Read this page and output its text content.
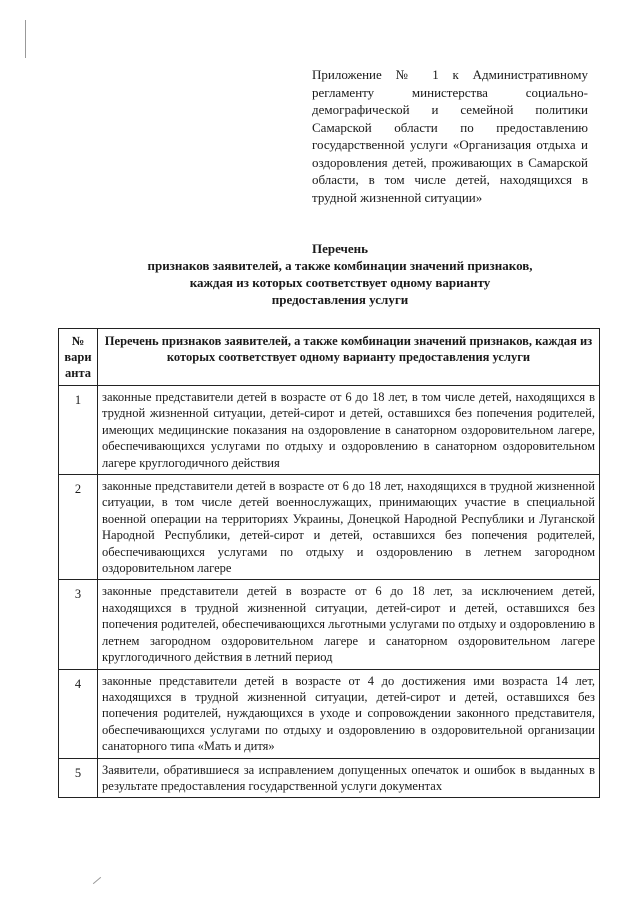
Приложение № 1 к Административному регламенту министерства социально-демографической и семейной политики Самарской области по предоставлению государственной услуги «Организация отдыха и оздоровления детей, проживающих в Самарской области, в том числе детей, находящихся в трудной жизненной ситуации»

Перечень
признаков заявителей, а также комбинации значений признаков,
каждая из которых соответствует одному варианту
предоставления услуги
№ вари анта	Перечень признаков заявителей, а также комбинации значений признаков, каждая из которых соответствует одному варианту предоставления услуги
1	законные представители детей в возрасте от 6 до 18 лет, в том числе детей, находящихся в трудной жизненной ситуации, детей-сирот и детей, оставшихся без попечения родителей, имеющих медицинские показания на оздоровление в санаторном оздоровительном лагере, обеспечивающихся услугами по отдыху и оздоровлению в санаторном оздоровительном лагере круглогодичного действия
2	законные представители детей в возрасте от 6 до 18 лет, находящихся в трудной жизненной ситуации, в том числе детей военнослужащих, принимающих участие в специальной военной операции на территориях Украины, Донецкой Народной Республики и Луганской Народной Республики, детей-сирот и детей, оставшихся без попечения родителей, обеспечивающихся услугами по отдыху и оздоровлению в летнем загородном оздоровительном лагере
3	законные представители детей в возрасте от 6 до 18 лет, за исключением детей, находящихся в трудной жизненной ситуации, детей-сирот и детей, оставшихся без попечения родителей, обеспечивающихся льготными услугами по отдыху и оздоровлению в летнем загородном оздоровительном лагере и санаторном оздоровительном лагере круглогодичного действия в летний период
4	законные представители детей в возрасте от 4 до достижения ими возраста 14 лет, находящихся в трудной жизненной ситуации, детей-сирот и детей, оставшихся без попечения родителей, нуждающихся в уходе и сопровождении законного представителя, обеспечивающихся услугами по отдыху и оздоровлению в оздоровительной организации санаторного типа «Мать и дитя»
5	Заявители, обратившиеся за исправлением допущенных опечаток и ошибок в выданных в результате предоставления государственной услуги документах
